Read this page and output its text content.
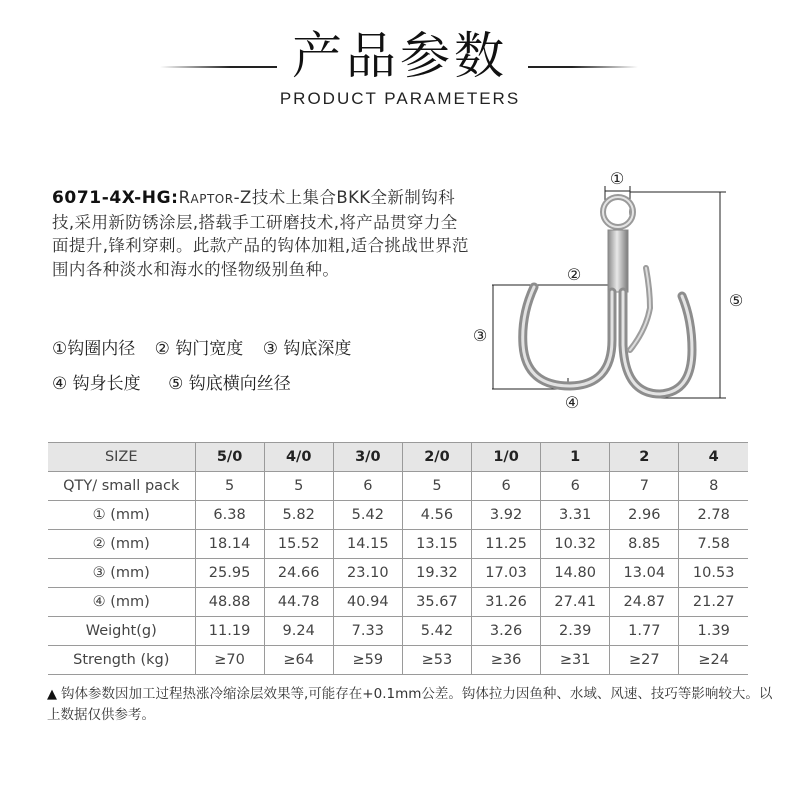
产品参数
PRODUCT PARAMETERS
6071-4X-HG:Raptor-Z技术上集合BKK全新制钩科技,采用新防锈涂层,搭载手工研磨技术,将产品贯穿力全面提升,锋利穿刺。此款产品的钩体加粗,适合挑战世界范围内各种淡水和海水的怪物级别鱼种。
①钩圈内径 ② 钩门宽度 ③ 钩底深度
④ 钩身长度 ⑤ 钩底横向丝径
①
②
③
④
⑤
SIZE	5/0	4/0	3/0	2/0	1/0	1	2	4
QTY/ small pack	5	5	6	5	6	6	7	8
① (mm)	6.38	5.82	5.42	4.56	3.92	3.31	2.96	2.78
② (mm)	18.14	15.52	14.15	13.15	11.25	10.32	8.85	7.58
③ (mm)	25.95	24.66	23.10	19.32	17.03	14.80	13.04	10.53
④ (mm)	48.88	44.78	40.94	35.67	31.26	27.41	24.87	21.27
Weight(g)	11.19	9.24	7.33	5.42	3.26	2.39	1.77	1.39
Strength (kg)	≥70	≥64	≥59	≥53	≥36	≥31	≥27	≥24
▲ 钩体参数因加工过程热涨冷缩涂层效果等,可能存在+0.1mm公差。钩体拉力因鱼种、水域、风速、技巧等影响较大。以上数据仅供参考。
